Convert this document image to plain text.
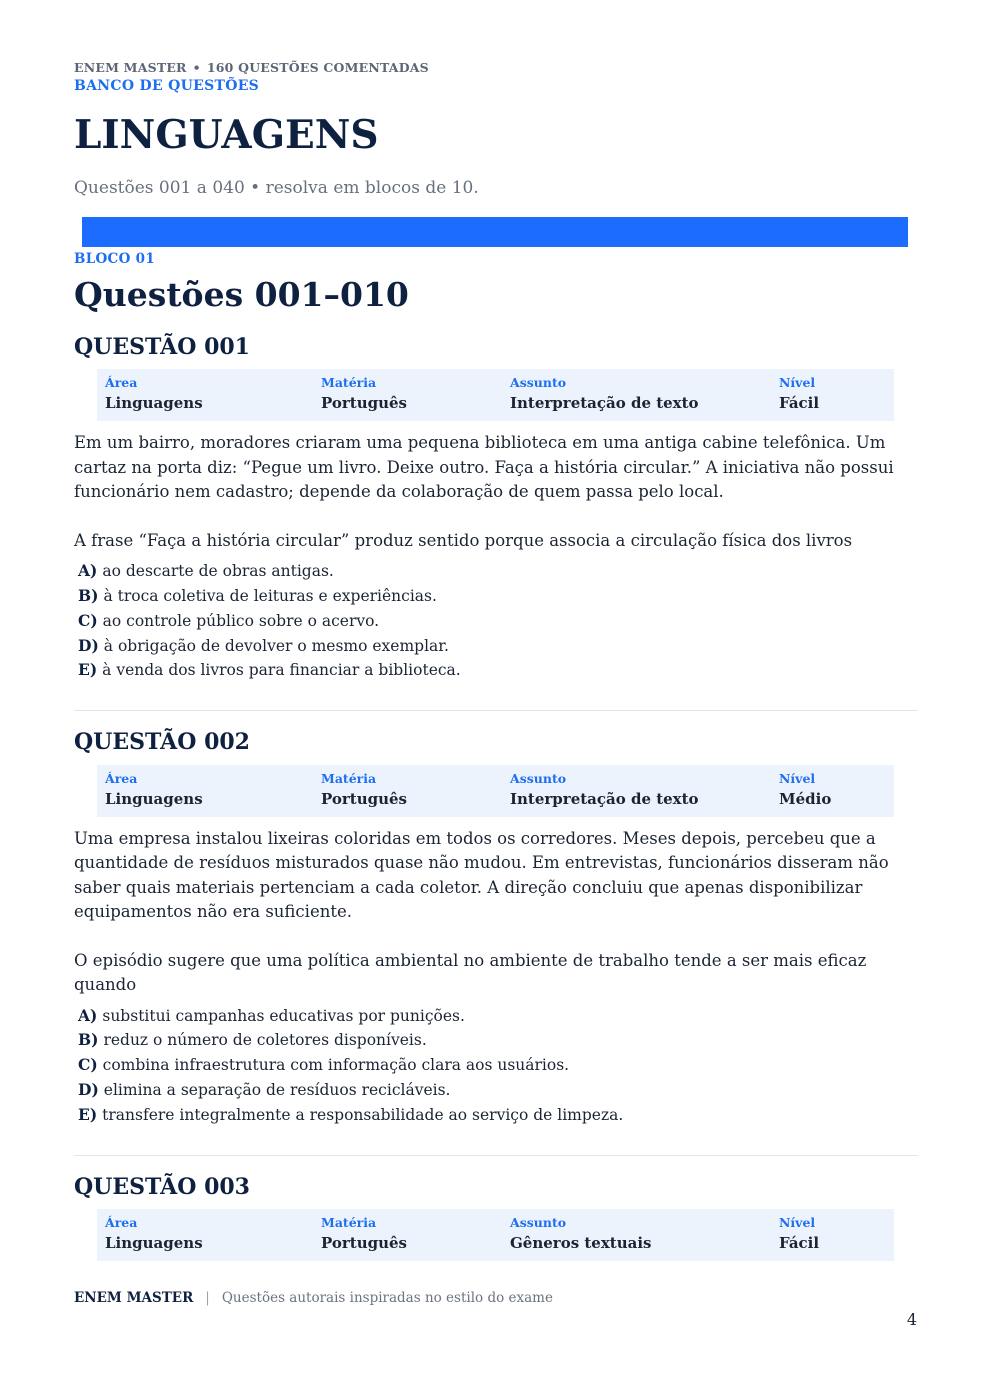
ENEM MASTER • 160 QUESTÕES COMENTADAS
BANCO DE QUESTÕES
LINGUAGENS
Questões 001 a 040 • resolva em blocos de 10.
BLOCO 01
Questões 001–010
QUESTÃO 001
Área
Linguagens
Matéria
Português
Assunto
Interpretação de texto
Nível
Fácil

Em um bairro, moradores criaram uma pequena biblioteca em uma antiga cabine telefônica. Um cartaz na porta diz: “Pegue um livro. Deixe outro. Faça a história circular.” A iniciativa não possui funcionário nem cadastro; depende da colaboração de quem passa pelo local.

A frase “Faça a história circular” produz sentido porque associa a circulação física dos livros

A) ao descarte de obras antigas.
B) à troca coletiva de leituras e experiências.
C) ao controle público sobre o acervo.
D) à obrigação de devolver o mesmo exemplar.
E) à venda dos livros para financiar a biblioteca.
QUESTÃO 002
Área
Linguagens
Matéria
Português
Assunto
Interpretação de texto
Nível
Médio

Uma empresa instalou lixeiras coloridas em todos os corredores. Meses depois, percebeu que a quantidade de resíduos misturados quase não mudou. Em entrevistas, funcionários disseram não saber quais materiais pertenciam a cada coletor. A direção concluiu que apenas disponibilizar equipamentos não era suficiente.

O episódio sugere que uma política ambiental no ambiente de trabalho tende a ser mais eficaz quando

A) substitui campanhas educativas por punições.
B) reduz o número de coletores disponíveis.
C) combina infraestrutura com informação clara aos usuários.
D) elimina a separação de resíduos recicláveis.
E) transfere integralmente a responsabilidade ao serviço de limpeza.
QUESTÃO 003
Área
Linguagens
Matéria
Português
Assunto
Gêneros textuais
Nível
Fácil
ENEM MASTER | Questões autorais inspiradas no estilo do exame
4
